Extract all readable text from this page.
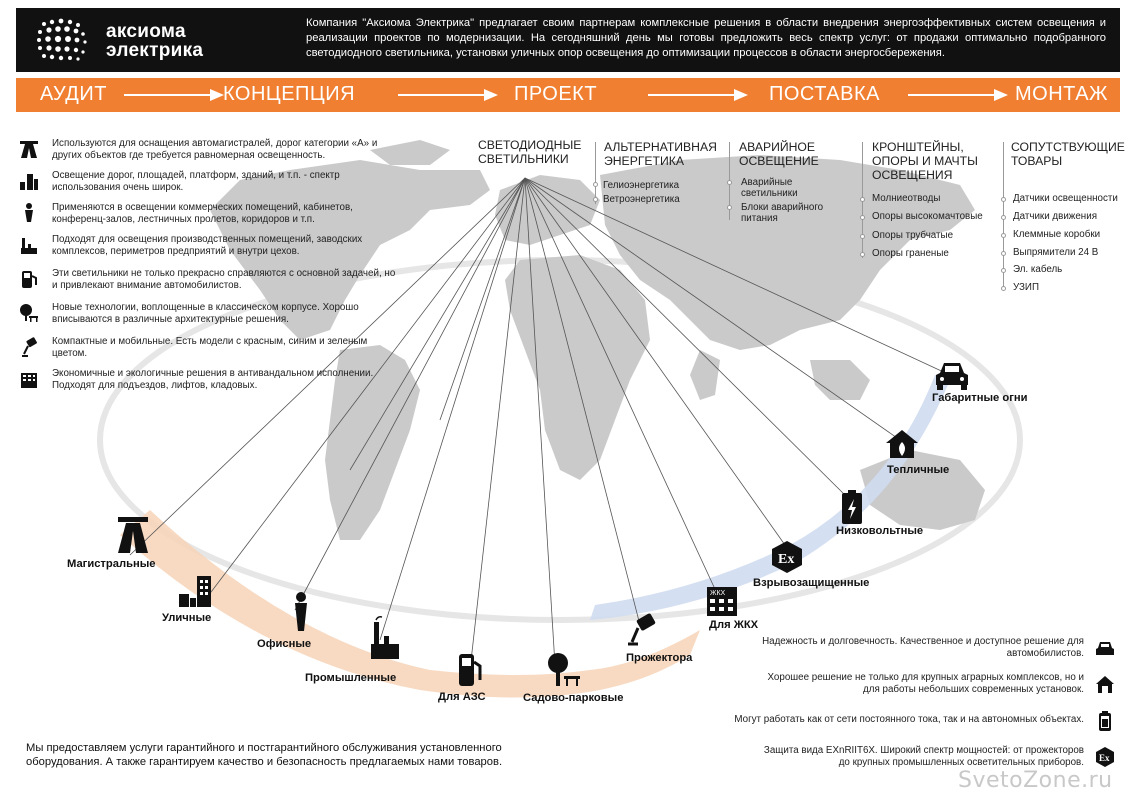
аксиома
электрика
Компания "Аксиома Электрика" предлагает своим партнерам комплексные решения в области внедрения энергоэффективных систем освещения и реализации проектов по модернизации. На сегодняшний день мы готовы предложить весь спектр услуг: от продажи оптимально подобранного светодиодного светильника, установки уличных опор освещения до оптимизации процессов в области энергосбережения.
АУДИТ	КОНЦЕПЦИЯ	ПРОЕКТ	ПОСТАВКА	МОНТАЖ
Используются для оснащения автомагистралей, дорог категории «А» и других объектов где требуется равномерная освещенность.
Освещение дорог, площадей, платформ, зданий, и т.п. - спектр использования очень широк.
Применяются в освещении коммерческих помещений, кабинетов, конференц-залов, лестничных пролетов, коридоров и т.п.
Подходят для освещения производственных помещений, заводских комплексов, периметров предприятий и внутри цехов.
Эти светильники не только прекрасно справляются с основной задачей, но и привлекают внимание автомобилистов.
Новые технологии, воплощенные в классическом корпусе. Хорошо вписываются в различные архитектурные решения.
Компактные и мобильные. Есть модели с красным, синим и зеленым цветом.
Экономичные и экологичные решения в антивандальном исполнении. Подходят для подъездов, лифтов, кладовых.
СВЕТОДИОДНЫЕ СВЕТИЛЬНИКИ
АЛЬТЕРНАТИВНАЯ ЭНЕРГЕТИКА
Гелиоэнергетика
Ветроэнергетика
АВАРИЙНОЕ ОСВЕЩЕНИЕ
Аварийные светильники
Блоки аварийного питания
КРОНШТЕЙНЫ, ОПОРЫ И МАЧТЫ ОСВЕЩЕНИЯ
Молниеотводы
Опоры высокомачтовые
Опоры трубчатые
Опоры граненые
СОПУТСТВУЮЩИЕ ТОВАРЫ
Датчики освещенности
Датчики движения
Клеммные коробки
Выпрямители 24 В
Эл. кабель
УЗИП
Магистральные
Уличные
Офисные
Промышленные
Для АЗС	Садово-парковые
Прожектора
ЖКХ
Для ЖКХ
Ex
Взрывозащищенные
Низковольтные
Тепличные
Габаритные огни
Надежность и долговечность. Качественное и доступное решение для автомобилистов.
Хорошее решение не только для крупных аграрных комплексов, но и для работы небольших современных установок.
Могут работать как от сети постоянного тока, так и на автономных объектах.
Защита вида ЕХnRIIT6Х. Широкий спектр мощностей: от прожекторов до крупных промышленных осветительных приборов. Ex
Мы предоставляем услуги гарантийного и постгарантийного обслуживания установленного оборудования. А также гарантируем качество и безопасность предлагаемых нами товаров.
SvetoZone.ru
